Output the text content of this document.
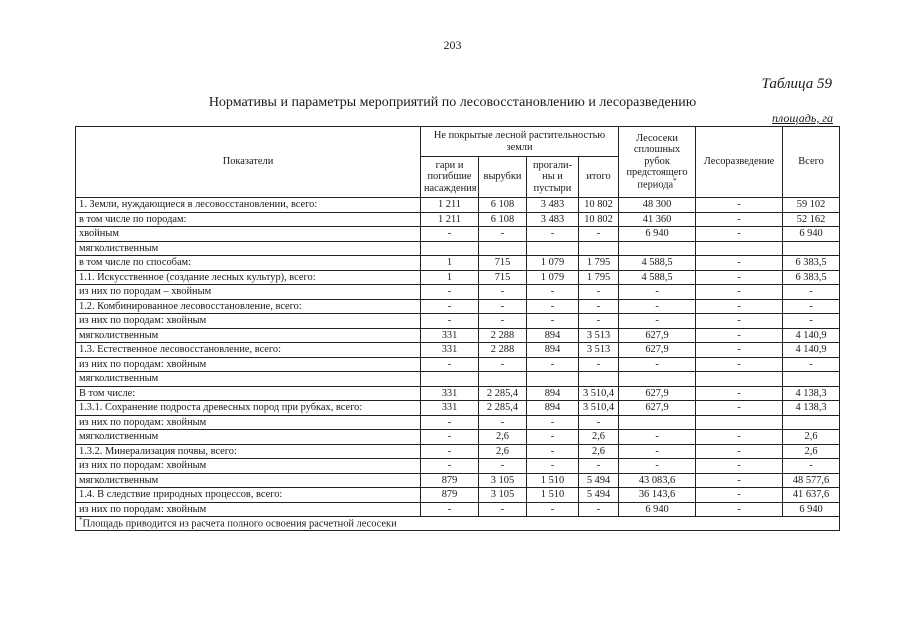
203
Таблица 59
Нормативы и параметры мероприятий по лесовосстановлению и лесоразведению
площадь, га
Показатели	Не покрытые лесной растительностью земли				Лесосеки сплошных рубок предстоящего периода*	Лесоразведение	Всего
	гари и погибшие насаждения	вырубки	прогали-ны и пустыри	итого			
1. Земли, нуждающиеся в лесовосстановлении, всего:	1 211	6 108	3 483	10 802	48 300	-	59 102
в том числе по породам:	1 211	6 108	3 483	10 802	41 360	-	52 162
хвойным	-	-	-	-	6 940	-	6 940
мягколиственным							
в том числе по способам:	1	715	1 079	1 795	4 588,5	-	6 383,5
1.1. Искусственное (создание лесных культур), всего:	1	715	1 079	1 795	4 588,5	-	6 383,5
из них по породам – хвойным	-	-	-	-	-	-	-
1.2. Комбинированное лесовосстановление, всего:	-	-	-	-	-	-	-
из них по породам: хвойным	-	-	-	-	-	-	-
мягколиственным	331	2 288	894	3 513	627,9	-	4 140,9
1.3. Естественное лесовосстановление, всего:	331	2 288	894	3 513	627,9	-	4 140,9
из них по породам: хвойным	-	-	-	-	-	-	-
мягколиственным							
В том числе:	331	2 285,4	894	3 510,4	627,9	-	4 138,3
1.3.1. Сохранение подроста древесных пород при рубках, всего:	331	2 285,4	894	3 510,4	627,9	-	4 138,3
из них по породам: хвойным	-	-	-	-			
мягколиственным	-	2,6	-	2,6	-	-	2,6
1.3.2. Минерализация почвы, всего:	-	2,6	-	2,6	-	-	2,6
из них по породам: хвойным	-	-	-	-	-	-	-
мягколиственным	879	3 105	1 510	5 494	43 083,6	-	48 577,6
1.4. В следствие природных процессов, всего:	879	3 105	1 510	5 494	36 143,6	-	41 637,6
из них по породам: хвойным	-	-	-	-	6 940	-	6 940
*Площадь приводится из расчета полного освоения расчетной лесосеки							
